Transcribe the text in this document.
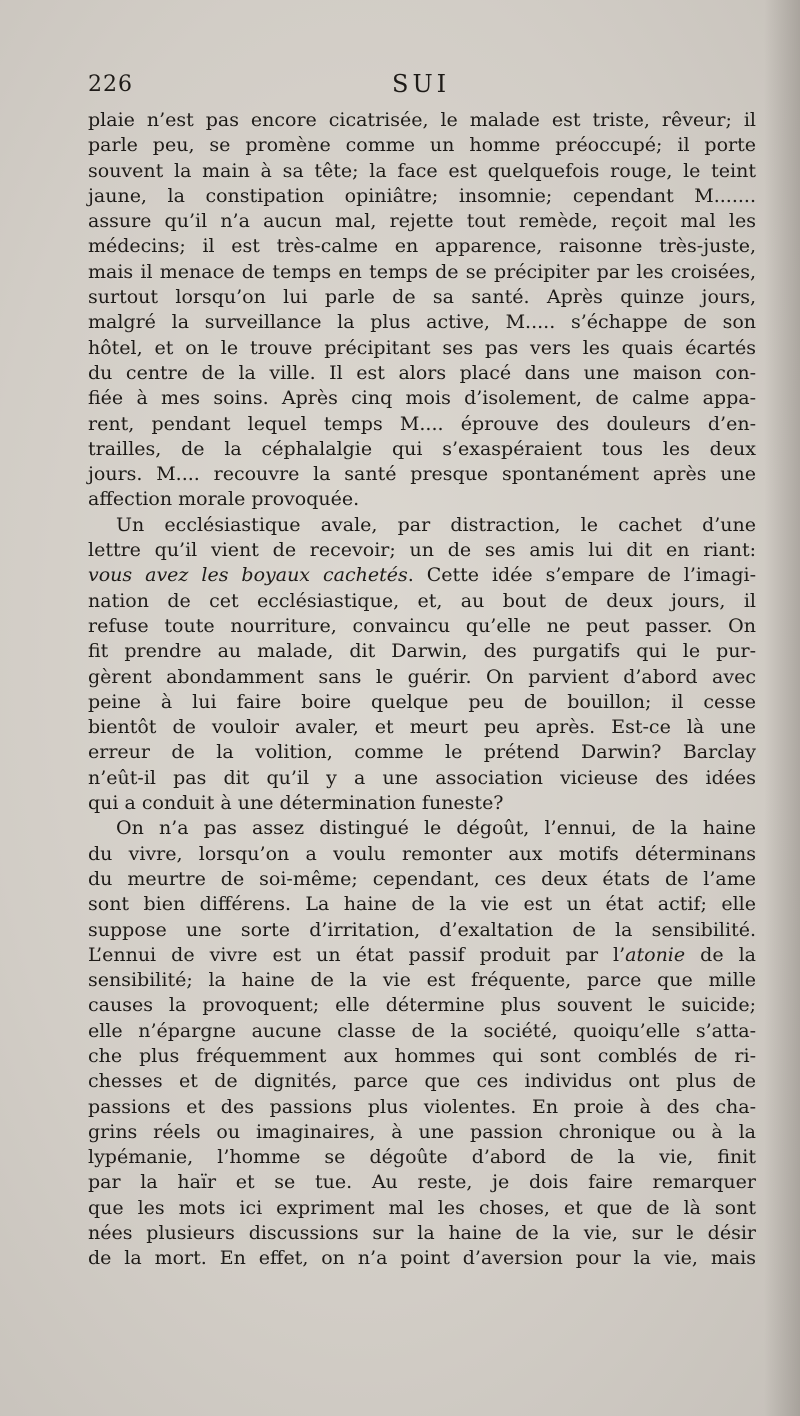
226	SUI
plaie n’est pas encore cicatrisée, le malade est triste, rêveur; il
parle peu, se promène comme un homme préoccupé; il porte
souvent la main à sa tête; la face est quelquefois rouge, le teint
jaune, la constipation opiniâtre; insomnie; cependant M.......
assure qu’il n’a aucun mal, rejette tout remède, reçoit mal les
médecins; il est très-calme en apparence, raisonne très-juste,
mais il menace de temps en temps de se précipiter par les croisées,
surtout lorsqu’on lui parle de sa santé. Après quinze jours,
malgré la surveillance la plus active, M..... s’échappe de son
hôtel, et on le trouve précipitant ses pas vers les quais écartés
du centre de la ville. Il est alors placé dans une maison con-
fiée à mes soins. Après cinq mois d’isolement, de calme appa-
rent, pendant lequel temps M.... éprouve des douleurs d’en-
trailles, de la céphalalgie qui s’exaspéraient tous les deux
jours. M.... recouvre la santé presque spontanément après une
affection morale provoquée.
Un ecclésiastique avale, par distraction, le cachet d’une
lettre qu’il vient de recevoir; un de ses amis lui dit en riant:
vous avez les boyaux cachetés. Cette idée s’empare de l’imagi-
nation de cet ecclésiastique, et, au bout de deux jours, il
refuse toute nourriture, convaincu qu’elle ne peut passer. On
fit prendre au malade, dit Darwin, des purgatifs qui le pur-
gèrent abondamment sans le guérir. On parvient d’abord avec
peine à lui faire boire quelque peu de bouillon; il cesse
bientôt de vouloir avaler, et meurt peu après. Est-ce là une
erreur de la volition, comme le prétend Darwin? Barclay
n’eût-il pas dit qu’il y a une association vicieuse des idées
qui a conduit à une détermination funeste?
On n’a pas assez distingué le dégoût, l’ennui, de la haine
du vivre, lorsqu’on a voulu remonter aux motifs déterminans
du meurtre de soi-même; cependant, ces deux états de l’ame
sont bien différens. La haine de la vie est un état actif; elle
suppose une sorte d’irritation, d’exaltation de la sensibilité.
L’ennui de vivre est un état passif produit par l’atonie de la
sensibilité; la haine de la vie est fréquente, parce que mille
causes la provoquent; elle détermine plus souvent le suicide;
elle n’épargne aucune classe de la société, quoiqu’elle s’atta-
che plus fréquemment aux hommes qui sont comblés de ri-
chesses et de dignités, parce que ces individus ont plus de
passions et des passions plus violentes. En proie à des cha-
grins réels ou imaginaires, à une passion chronique ou à la
lypémanie, l’homme se dégoûte d’abord de la vie, finit
par la haïr et se tue. Au reste, je dois faire remarquer
que les mots ici expriment mal les choses, et que de là sont
nées plusieurs discussions sur la haine de la vie, sur le désir
de la mort. En effet, on n’a point d’aversion pour la vie, mais
